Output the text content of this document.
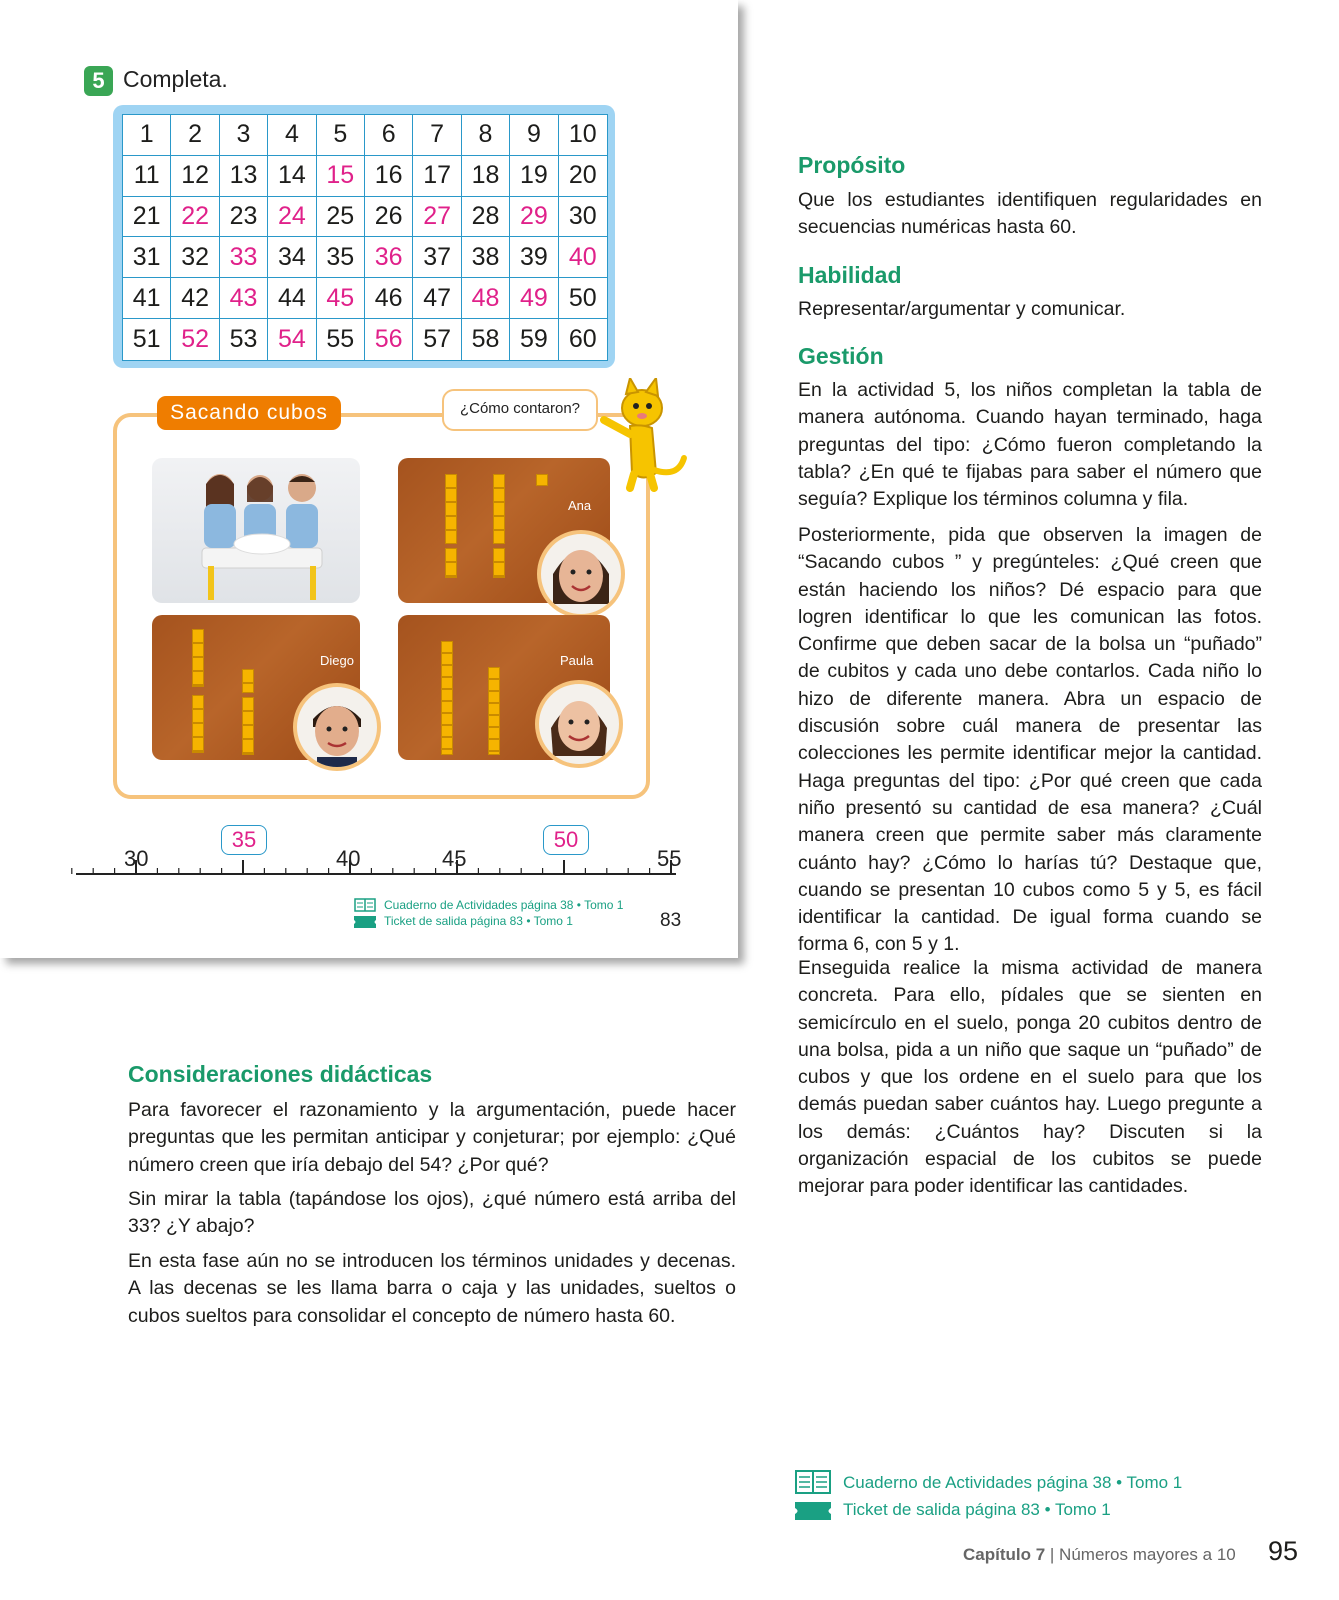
5 Completa.
1	2	3	4	5	6	7	8	9	10
11 12 13 14 15 16 17 18 19 20
21 22 23 24 25 26 27 28 29 30
31 32 33 34 35 36 37 38 39 40
41 42 43 44 45 46 47 48 49 50
51 52 53 54 55 56 57 58 59 60
Sacando cubos	¿Cómo contaron?
Ana
Diego	Paula
30
35
40	45
50
55
Cuaderno de Actividades página 38 • Tomo 1
Ticket de salida página 83 • Tomo 1	83
Propósito
Que los estudiantes identifiquen regularidades en secuencias numéricas hasta 60.
Habilidad
Representar/argumentar y comunicar.
Gestión
En la actividad 5, los niños completan la tabla de manera autónoma. Cuando hayan terminado, haga preguntas del tipo: ¿Cómo fueron completando la tabla? ¿En qué te fijabas para saber el número que seguía? Explique los términos columna y fila.
Posteriormente, pida que observen la imagen de “Sacando cubos ” y pregúnteles: ¿Qué creen que están haciendo los niños? Dé espacio para que logren identificar lo que les comunican las fotos. Confirme que deben sacar de la bolsa un “puñado” de cubitos y cada uno debe contarlos. Cada niño lo hizo de diferente manera. Abra un espacio de discusión sobre cuál manera de presentar las colecciones les permite identificar mejor la cantidad. Haga preguntas del tipo: ¿Por qué creen que cada niño presentó su cantidad de esa manera? ¿Cuál manera creen que permite saber más claramente cuánto hay? ¿Cómo lo harías tú? Destaque que, cuando se presentan 10 cubos como 5 y 5, es fácil identificar la cantidad. De igual forma cuando se forma 6, con 5 y 1.
Enseguida realice la misma actividad de manera concreta. Para ello, pídales que se sienten en semicírculo en el suelo, ponga 20 cubitos dentro de una bolsa, pida a un niño que saque un “puñado” de cubos y que los ordene en el suelo para que los demás puedan saber cuántos hay. Luego pregunte a los demás: ¿Cuántos hay? Discuten si la organización espacial de los cubitos se puede mejorar para poder identificar las cantidades.
Consideraciones didácticas
Para favorecer el razonamiento y la argumentación, puede hacer preguntas que les permitan anticipar y conjeturar; por ejemplo: ¿Qué número creen que iría debajo del 54? ¿Por qué?
Sin mirar la tabla (tapándose los ojos), ¿qué número está arriba del 33? ¿Y abajo?
En esta fase aún no se introducen los términos unidades y decenas. A las decenas se les llama barra o caja y las unidades, sueltos o cubos sueltos para consolidar el concepto de número hasta 60.
Cuaderno de Actividades página 38 • Tomo 1
Ticket de salida página 83 • Tomo 1
Capítulo 7 | Números mayores a 10 95
